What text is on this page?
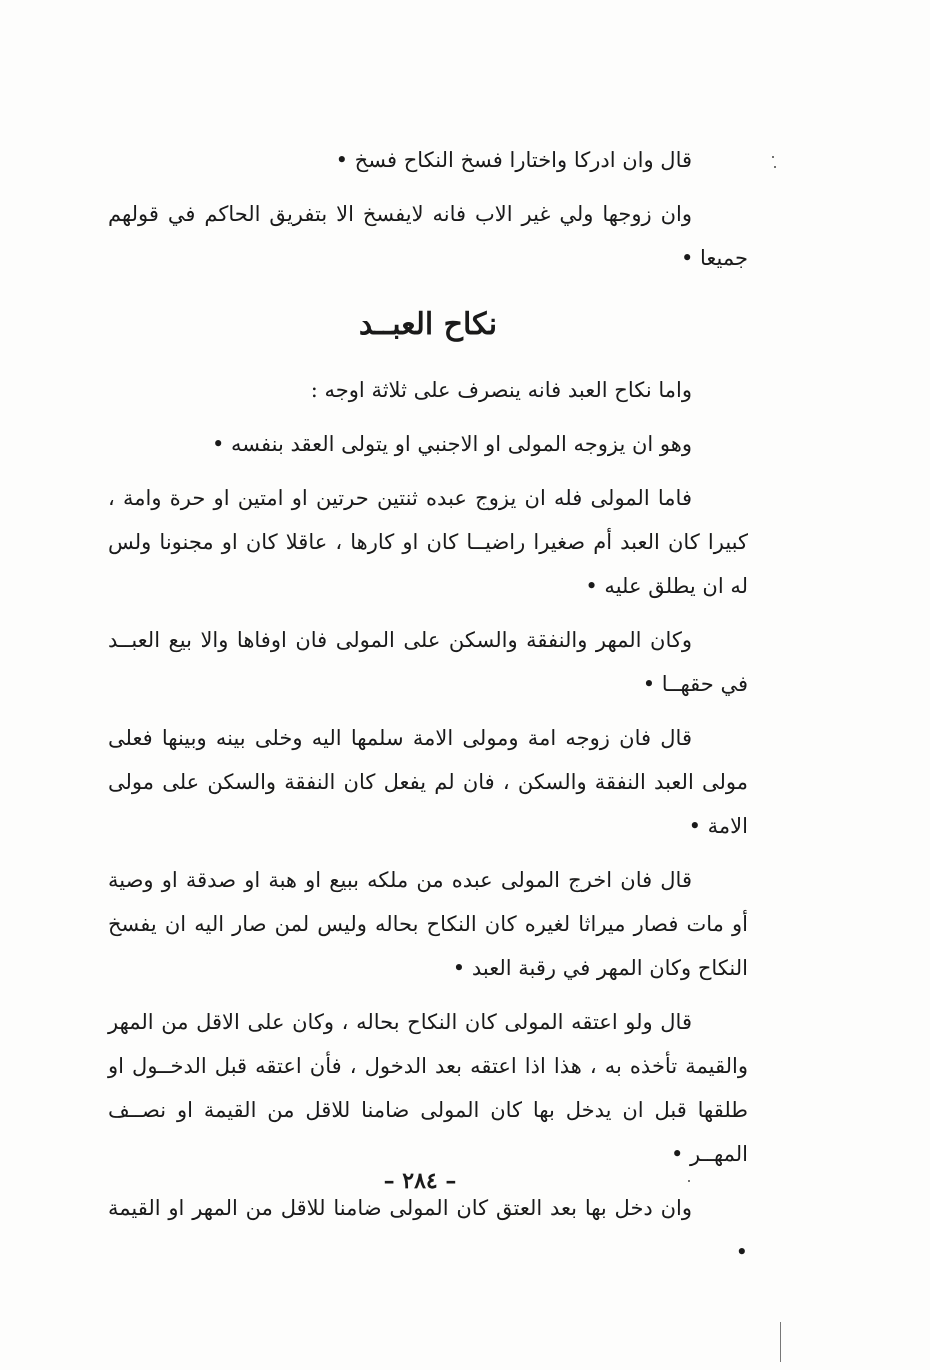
قال وان ادركا واختارا فسخ النكاح فسخ •

وان زوجها ولي غير الاب فانه لايفسخ الا بتفريق الحاكم في قولهم جميعا •

نكاح العبــد

واما نكاح العبد فانه ينصرف على ثلاثة اوجه :

وهو ان يزوجه المولى او الاجنبي او يتولى العقد بنفسه •

فاما المولى فله ان يزوج عبده ثنتين حرتين او امتين او حرة وامة ، كبيرا كان العبد أم صغيرا راضيــا كان او كارها ، عاقلا كان او مجنونا ولس له ان يطلق عليه •

وكان المهر والنفقة والسكن على المولى فان اوفاها والا بيع العبــد في حقهــا •

قال فان زوجه امة ومولى الامة سلمها اليه وخلى بينه وبينها فعلى مولى العبد النفقة والسكن ، فان لم يفعل كان النفقة والسكن على مولى الامة •

قال فان اخرج المولى عبده من ملكه ببيع او هبة او صدقة او وصية أو مات فصار ميراثا لغيره كان النكاح بحاله وليس لمن صار اليه ان يفسخ النكاح وكان المهر في رقبة العبد •

قال ولو اعتقه المولى كان النكاح بحاله ، وكان على الاقل من المهر والقيمة تأخذه به ، هذا اذا اعتقه بعد الدخول ، فأن اعتقه قبل الدخــول او طلقها قبل ان يدخل بها كان المولى ضامنا للاقل من القيمة او نصــف المهــر •

وان دخل بها بعد العتق كان المولى ضامنا للاقل من المهر او القيمة •

– ٢٨٤ –
